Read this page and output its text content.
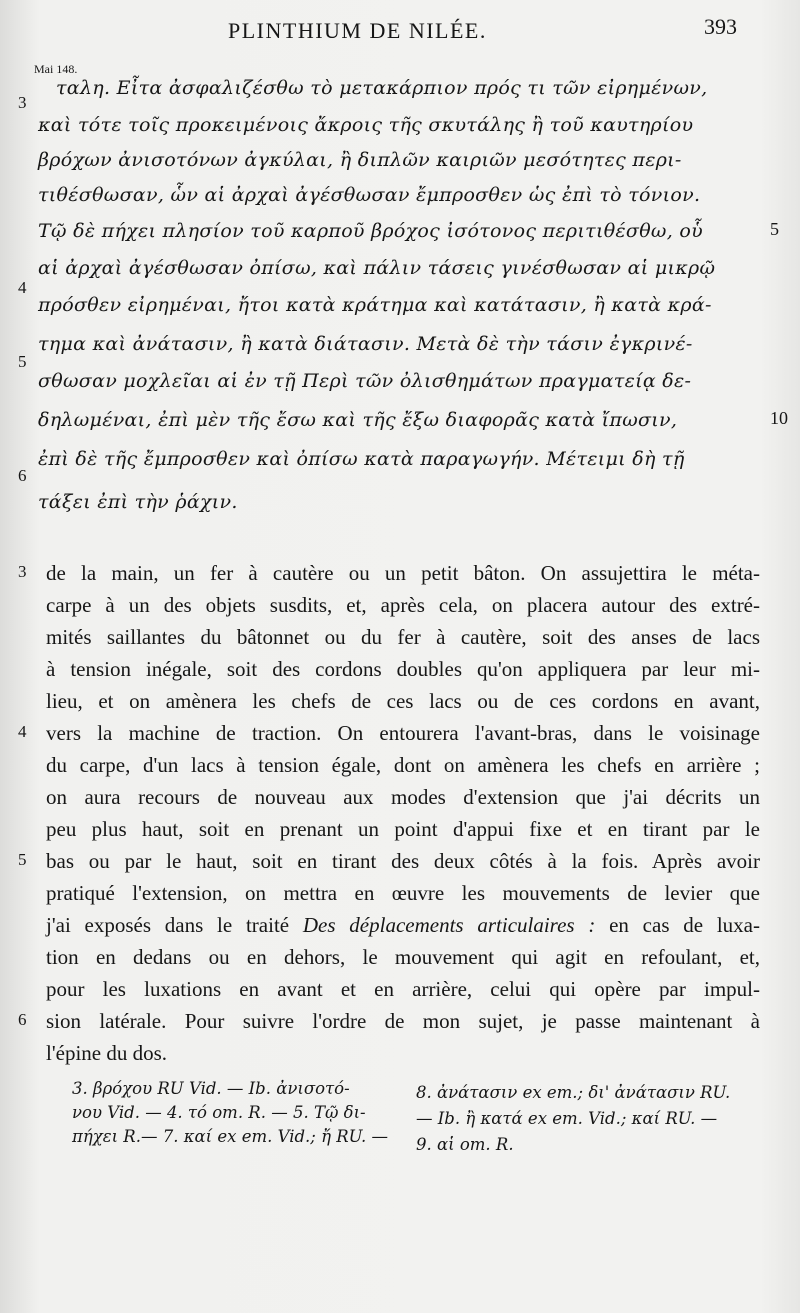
PLINTHIUM DE NILÉE.	393
Mai 148.
3
4
5
6
5
10
ταλη. Εἶτα ἀσφαλιζέσθω τὸ μετακάρπιον πρός τι τῶν εἰρημένων,
καὶ τότε τοῖς προκειμένοις ἄκροις τῆς σκυτάλης ἢ τοῦ καυτηρίου
βρόχων ἀνισοτόνων ἀγκύλαι, ἢ διπλῶν καιριῶν μεσότητες περι-
τιθέσθωσαν, ὧν αἱ ἀρχαὶ ἀγέσθωσαν ἔμπροσθεν ὡς ἐπὶ τὸ τόνιον.
Τῷ δὲ πήχει πλησίον τοῦ καρποῦ βρόχος ἰσότονος περιτιθέσθω, οὗ
αἱ ἀρχαὶ ἀγέσθωσαν ὀπίσω, καὶ πάλιν τάσεις γινέσθωσαν αἱ μικρῷ
πρόσθεν εἰρημέναι, ἤτοι κατὰ κράτημα καὶ κατάτασιν, ἢ κατὰ κρά-
τημα καὶ ἀνάτασιν, ἢ κατὰ διάτασιν. Μετὰ δὲ τὴν τάσιν ἐγκρινέ-
σθωσαν μοχλεῖαι αἱ ἐν τῇ Περὶ τῶν ὀλισθημάτων πραγματείᾳ δε-
δηλωμέναι, ἐπὶ μὲν τῆς ἔσω καὶ τῆς ἔξω διαφορᾶς κατὰ ἴπωσιν,
ἐπὶ δὲ τῆς ἔμπροσθεν καὶ ὀπίσω κατὰ παραγωγήν. Μέτειμι δὴ τῇ
τάξει ἐπὶ τὴν ῥάχιν.
3
4
5
6
de la main, un fer à cautère ou un petit bâton. On assujettira le méta-
carpe à un des objets susdits, et, après cela, on placera autour des extré-
mités saillantes du bâtonnet ou du fer à cautère, soit des anses de lacs
à tension inégale, soit des cordons doubles qu'on appliquera par leur mi-
lieu, et on amènera les chefs de ces lacs ou de ces cordons en avant,
vers la machine de traction. On entourera l'avant-bras, dans le voisinage
du carpe, d'un lacs à tension égale, dont on amènera les chefs en arrière ;
on aura recours de nouveau aux modes d'extension que j'ai décrits un
peu plus haut, soit en prenant un point d'appui fixe et en tirant par le
bas ou par le haut, soit en tirant des deux côtés à la fois. Après avoir
pratiqué l'extension, on mettra en œuvre les mouvements de levier que
j'ai exposés dans le traité Des déplacements articulaires : en cas de luxa-
tion en dedans ou en dehors, le mouvement qui agit en refoulant, et,
pour les luxations en avant et en arrière, celui qui opère par impul-
sion latérale. Pour suivre l'ordre de mon sujet, je passe maintenant à
l'épine du dos.
3. βρόχου RU Vid. — Ib. ἀνισοτό-
νου Vid. — 4. τό om. R. — 5. Τῷ δι-
πήχει R.— 7. καί ex em. Vid.; ἤ RU. —
8. ἀνάτασιν ex em.; δι' ἀνάτασιν RU.
— Ib. ἢ κατά ex em. Vid.; καί RU. —
9. αἱ om. R.
